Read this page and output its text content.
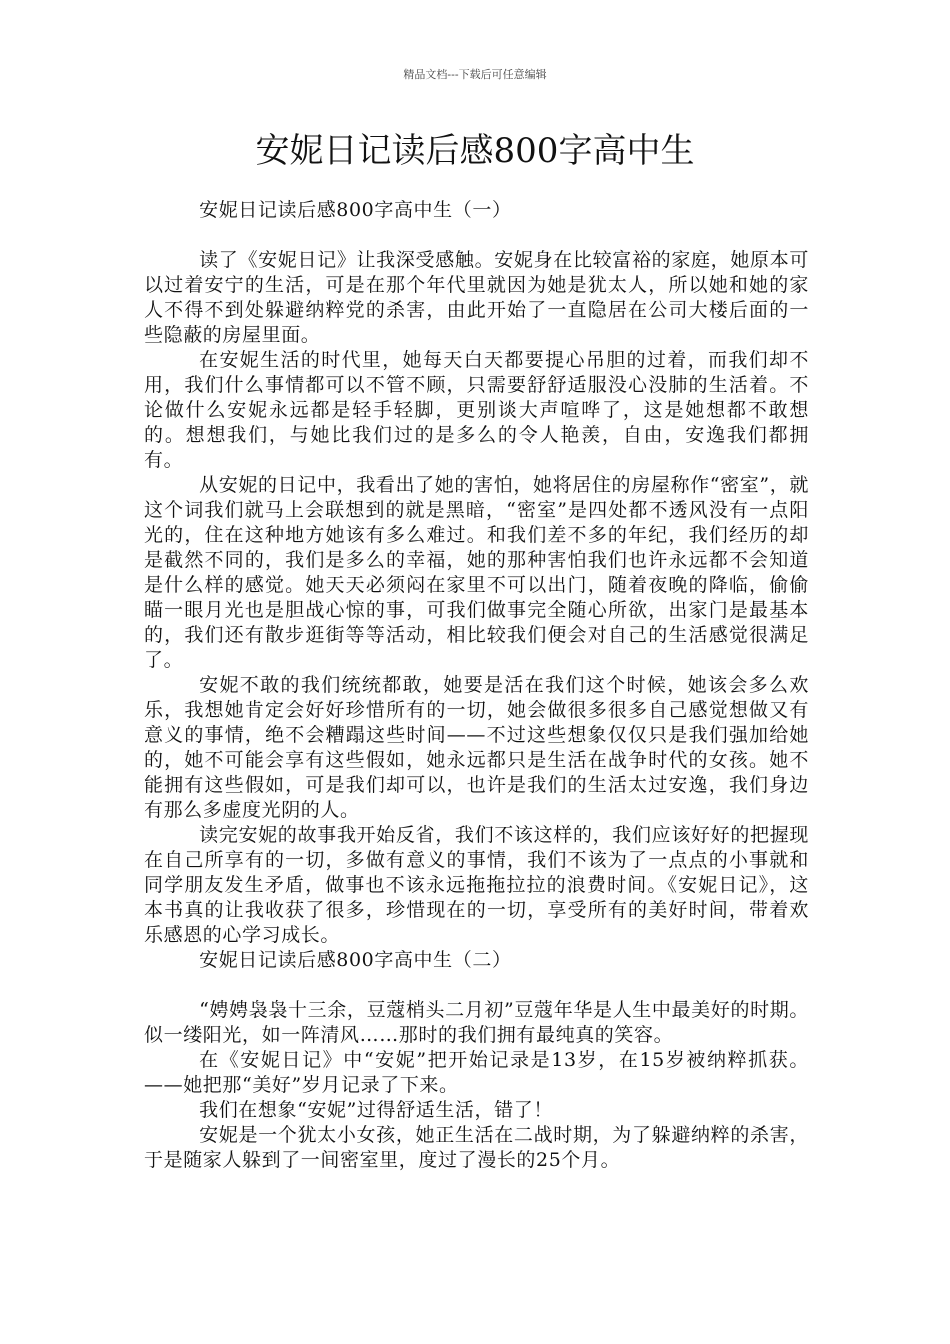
精品文档---下载后可任意编辑
安妮日记读后感800字高中生

安妮日记读后感800字高中生（一）

读了《安妮日记》让我深受感触。安妮身在比较富裕的家庭，她原本可以过着安宁的生活，可是在那个年代里就因为她是犹太人，所以她和她的家人不得不到处躲避纳粹党的杀害，由此开始了一直隐居在公司大楼后面的一些隐蔽的房屋里面。

在安妮生活的时代里，她每天白天都要提心吊胆的过着，而我们却不用，我们什么事情都可以不管不顾，只需要舒舒适服没心没肺的生活着。不论做什么安妮永远都是轻手轻脚，更别谈大声喧哗了，这是她想都不敢想的。想想我们，与她比我们过的是多么的令人艳羡，自由，安逸我们都拥有。

从安妮的日记中，我看出了她的害怕，她将居住的房屋称作“密室”，就这个词我们就马上会联想到的就是黑暗，“密室”是四处都不透风没有一点阳光的，住在这种地方她该有多么难过。和我们差不多的年纪，我们经历的却是截然不同的，我们是多么的幸福，她的那种害怕我们也许永远都不会知道是什么样的感觉。她天天必须闷在家里不可以出门，随着夜晚的降临，偷偷瞄一眼月光也是胆战心惊的事，可我们做事完全随心所欲，出家门是最基本的，我们还有散步逛街等等活动，相比较我们便会对自己的生活感觉很满足了。

安妮不敢的我们统统都敢，她要是活在我们这个时候，她该会多么欢乐，我想她肯定会好好珍惜所有的一切，她会做很多很多自己感觉想做又有意义的事情，绝不会糟蹋这些时间——不过这些想象仅仅只是我们强加给她的，她不可能会享有这些假如，她永远都只是生活在战争时代的女孩。她不能拥有这些假如，可是我们却可以，也许是我们的生活太过安逸，我们身边有那么多虚度光阴的人。

读完安妮的故事我开始反省，我们不该这样的，我们应该好好的把握现在自己所享有的一切，多做有意义的事情，我们不该为了一点点的小事就和同学朋友发生矛盾，做事也不该永远拖拖拉拉的浪费时间。《安妮日记》，这本书真的让我收获了很多，珍惜现在的一切，享受所有的美好时间，带着欢乐感恩的心学习成长。

安妮日记读后感800字高中生（二）

“娉娉袅袅十三余，豆蔻梢头二月初”豆蔻年华是人生中最美好的时期。似一缕阳光，如一阵清风……那时的我们拥有最纯真的笑容。

在《安妮日记》中“安妮”把开始记录是13岁，在15岁被纳粹抓获。——她把那“美好”岁月记录了下来。

我们在想象“安妮”过得舒适生活，错了！

安妮是一个犹太小女孩，她正生活在二战时期，为了躲避纳粹的杀害，于是随家人躲到了一间密室里，度过了漫长的25个月。
